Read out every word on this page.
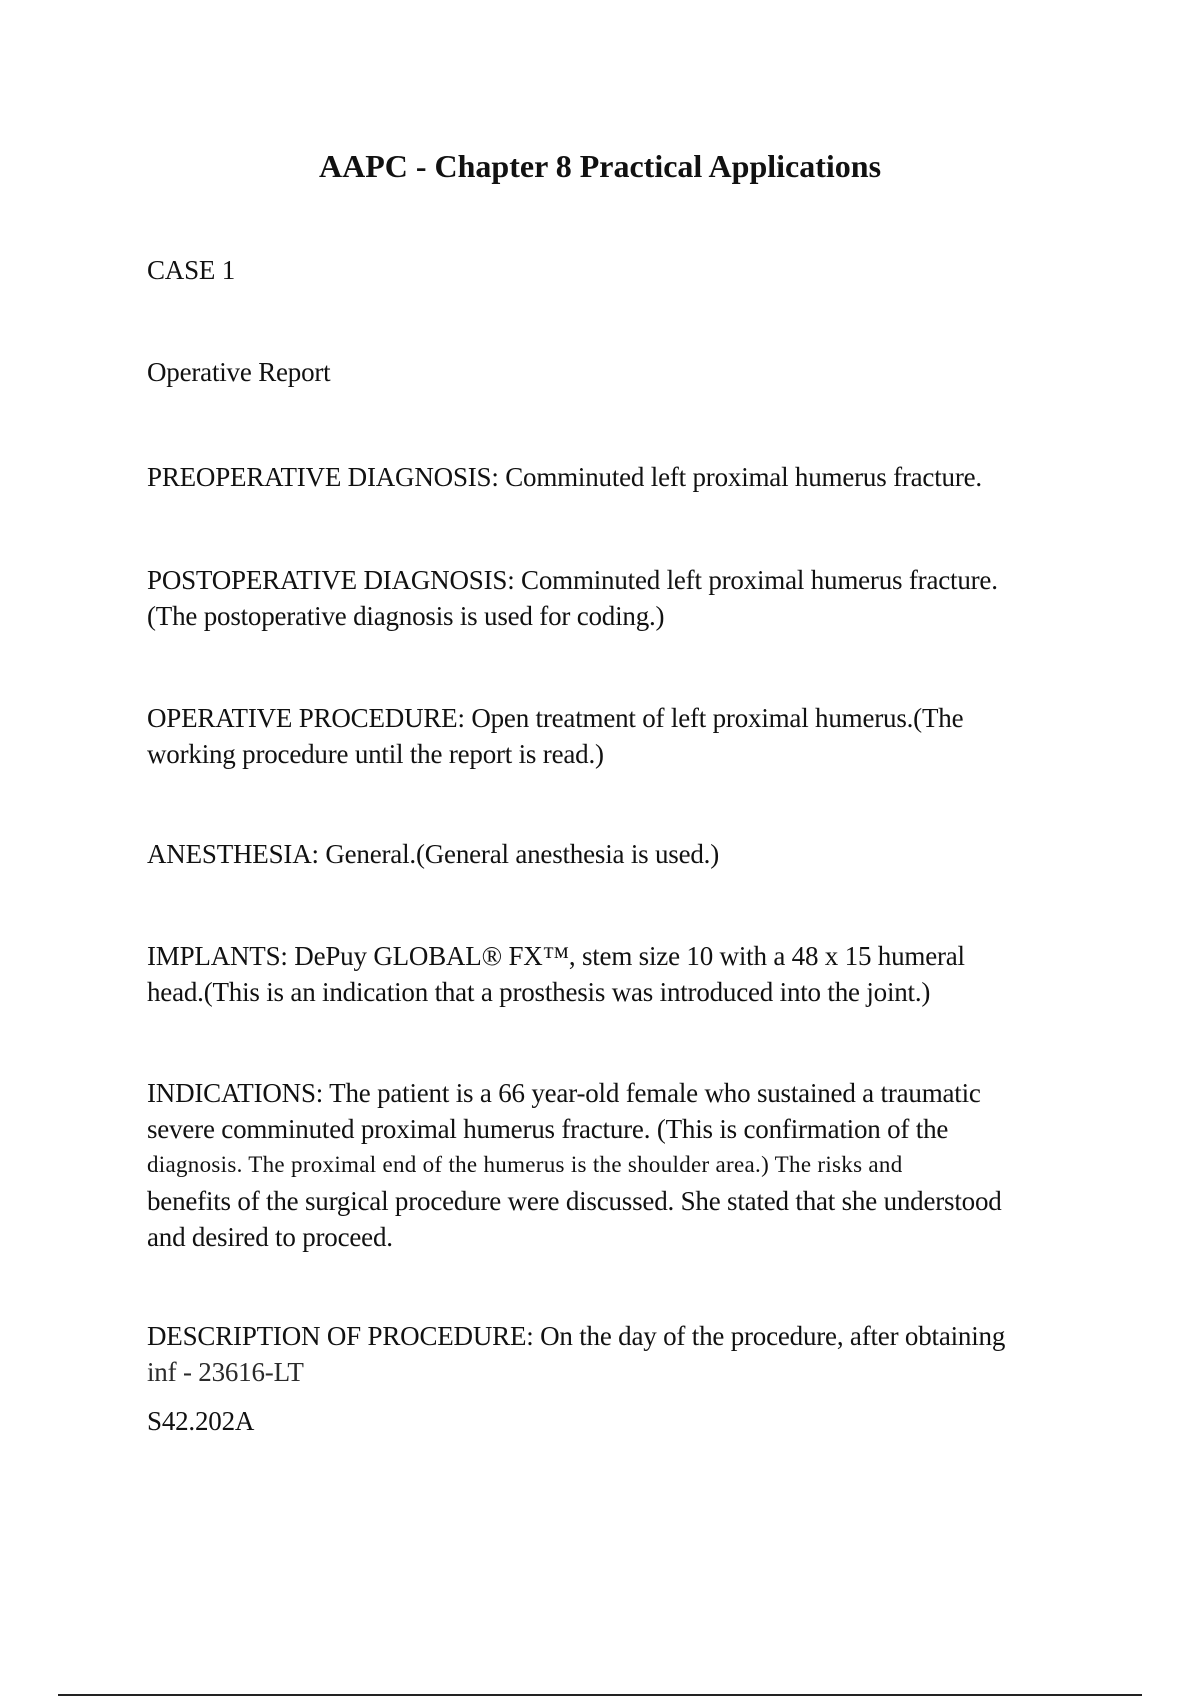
AAPC - Chapter 8 Practical Applications
CASE 1
Operative Report
PREOPERATIVE DIAGNOSIS: Comminuted left proximal humerus fracture.
POSTOPERATIVE DIAGNOSIS: Comminuted left proximal humerus fracture.
(The postoperative diagnosis is used for coding.)
OPERATIVE PROCEDURE: Open treatment of left proximal humerus.(The
working procedure until the report is read.)
ANESTHESIA: General.(General anesthesia is used.)
IMPLANTS: DePuy GLOBAL® FX™, stem size 10 with a 48 x 15 humeral
head.(This is an indication that a prosthesis was introduced into the joint.)
INDICATIONS: The patient is a 66 year-old female who sustained a traumatic
severe comminuted proximal humerus fracture. (This is confirmation of the
diagnosis. The proximal end of the humerus is the shoulder area.) The risks and
benefits of the surgical procedure were discussed. She stated that she understood
and desired to proceed.
DESCRIPTION OF PROCEDURE: On the day of the procedure, after obtaining
inf - 23616-LT
S42.202A
